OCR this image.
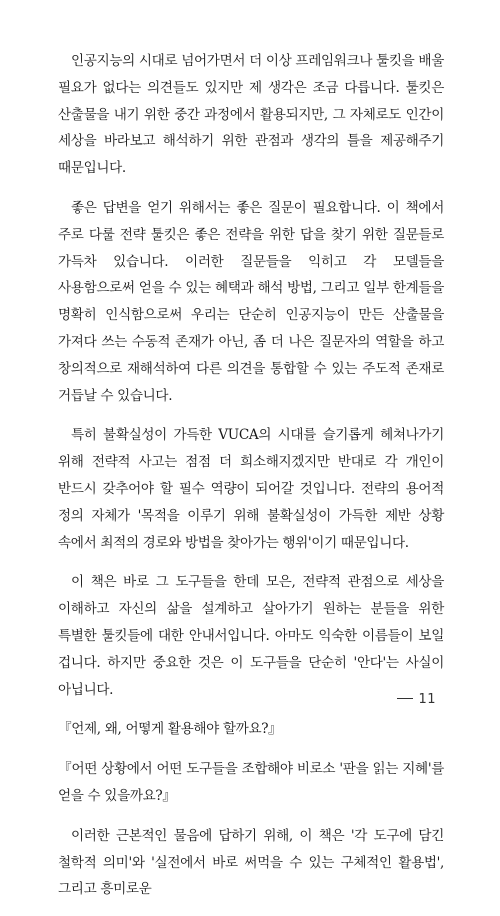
인공지능의 시대로 넘어가면서 더 이상 프레임워크나 툴킷을 배울 필요가 없다는 의견들도 있지만 제 생각은 조금 다릅니다. 툴킷은 산출물을 내기 위한 중간 과정에서 활용되지만, 그 자체로도 인간이 세상을 바라보고 해석하기 위한 관점과 생각의 틀을 제공해주기 때문입니다.

좋은 답변을 얻기 위해서는 좋은 질문이 필요합니다. 이 책에서 주로 다룰 전략 툴킷은 좋은 전략을 위한 답을 찾기 위한 질문들로 가득차 있습니다. 이러한 질문들을 익히고 각 모델들을 사용함으로써 얻을 수 있는 혜택과 해석 방법, 그리고 일부 한계들을 명확히 인식함으로써 우리는 단순히 인공지능이 만든 산출물을 가져다 쓰는 수동적 존재가 아닌, 좀 더 나은 질문자의 역할을 하고 창의적으로 재해석하여 다른 의견을 통합할 수 있는 주도적 존재로 거듭날 수 있습니다.

특히 불확실성이 가득한 VUCA의 시대를 슬기롭게 헤쳐나가기 위해 전략적 사고는 점점 더 희소해지겠지만 반대로 각 개인이 반드시 갖추어야 할 필수 역량이 되어갈 것입니다. 전략의 용어적 정의 자체가 '목적을 이루기 위해 불확실성이 가득한 제반 상황 속에서 최적의 경로와 방법을 찾아가는 행위'이기 때문입니다.

이 책은 바로 그 도구들을 한데 모은, 전략적 관점으로 세상을 이해하고 자신의 삶을 설계하고 살아가기 원하는 분들을 위한 특별한 툴킷들에 대한 안내서입니다. 아마도 익숙한 이름들이 보일 겁니다. 하지만 중요한 것은 이 도구들을 단순히 '안다'는 사실이 아닙니다.

『언제, 왜, 어떻게 활용해야 할까요?』

『어떤 상황에서 어떤 도구들을 조합해야 비로소 '판을 읽는 지혜'를 얻을 수 있을까요?』

이러한 근본적인 물음에 답하기 위해, 이 책은 '각 도구에 담긴 철학적 의미'와 '실전에서 바로 써먹을 수 있는 구체적인 활용법', 그리고 흥미로운

11
